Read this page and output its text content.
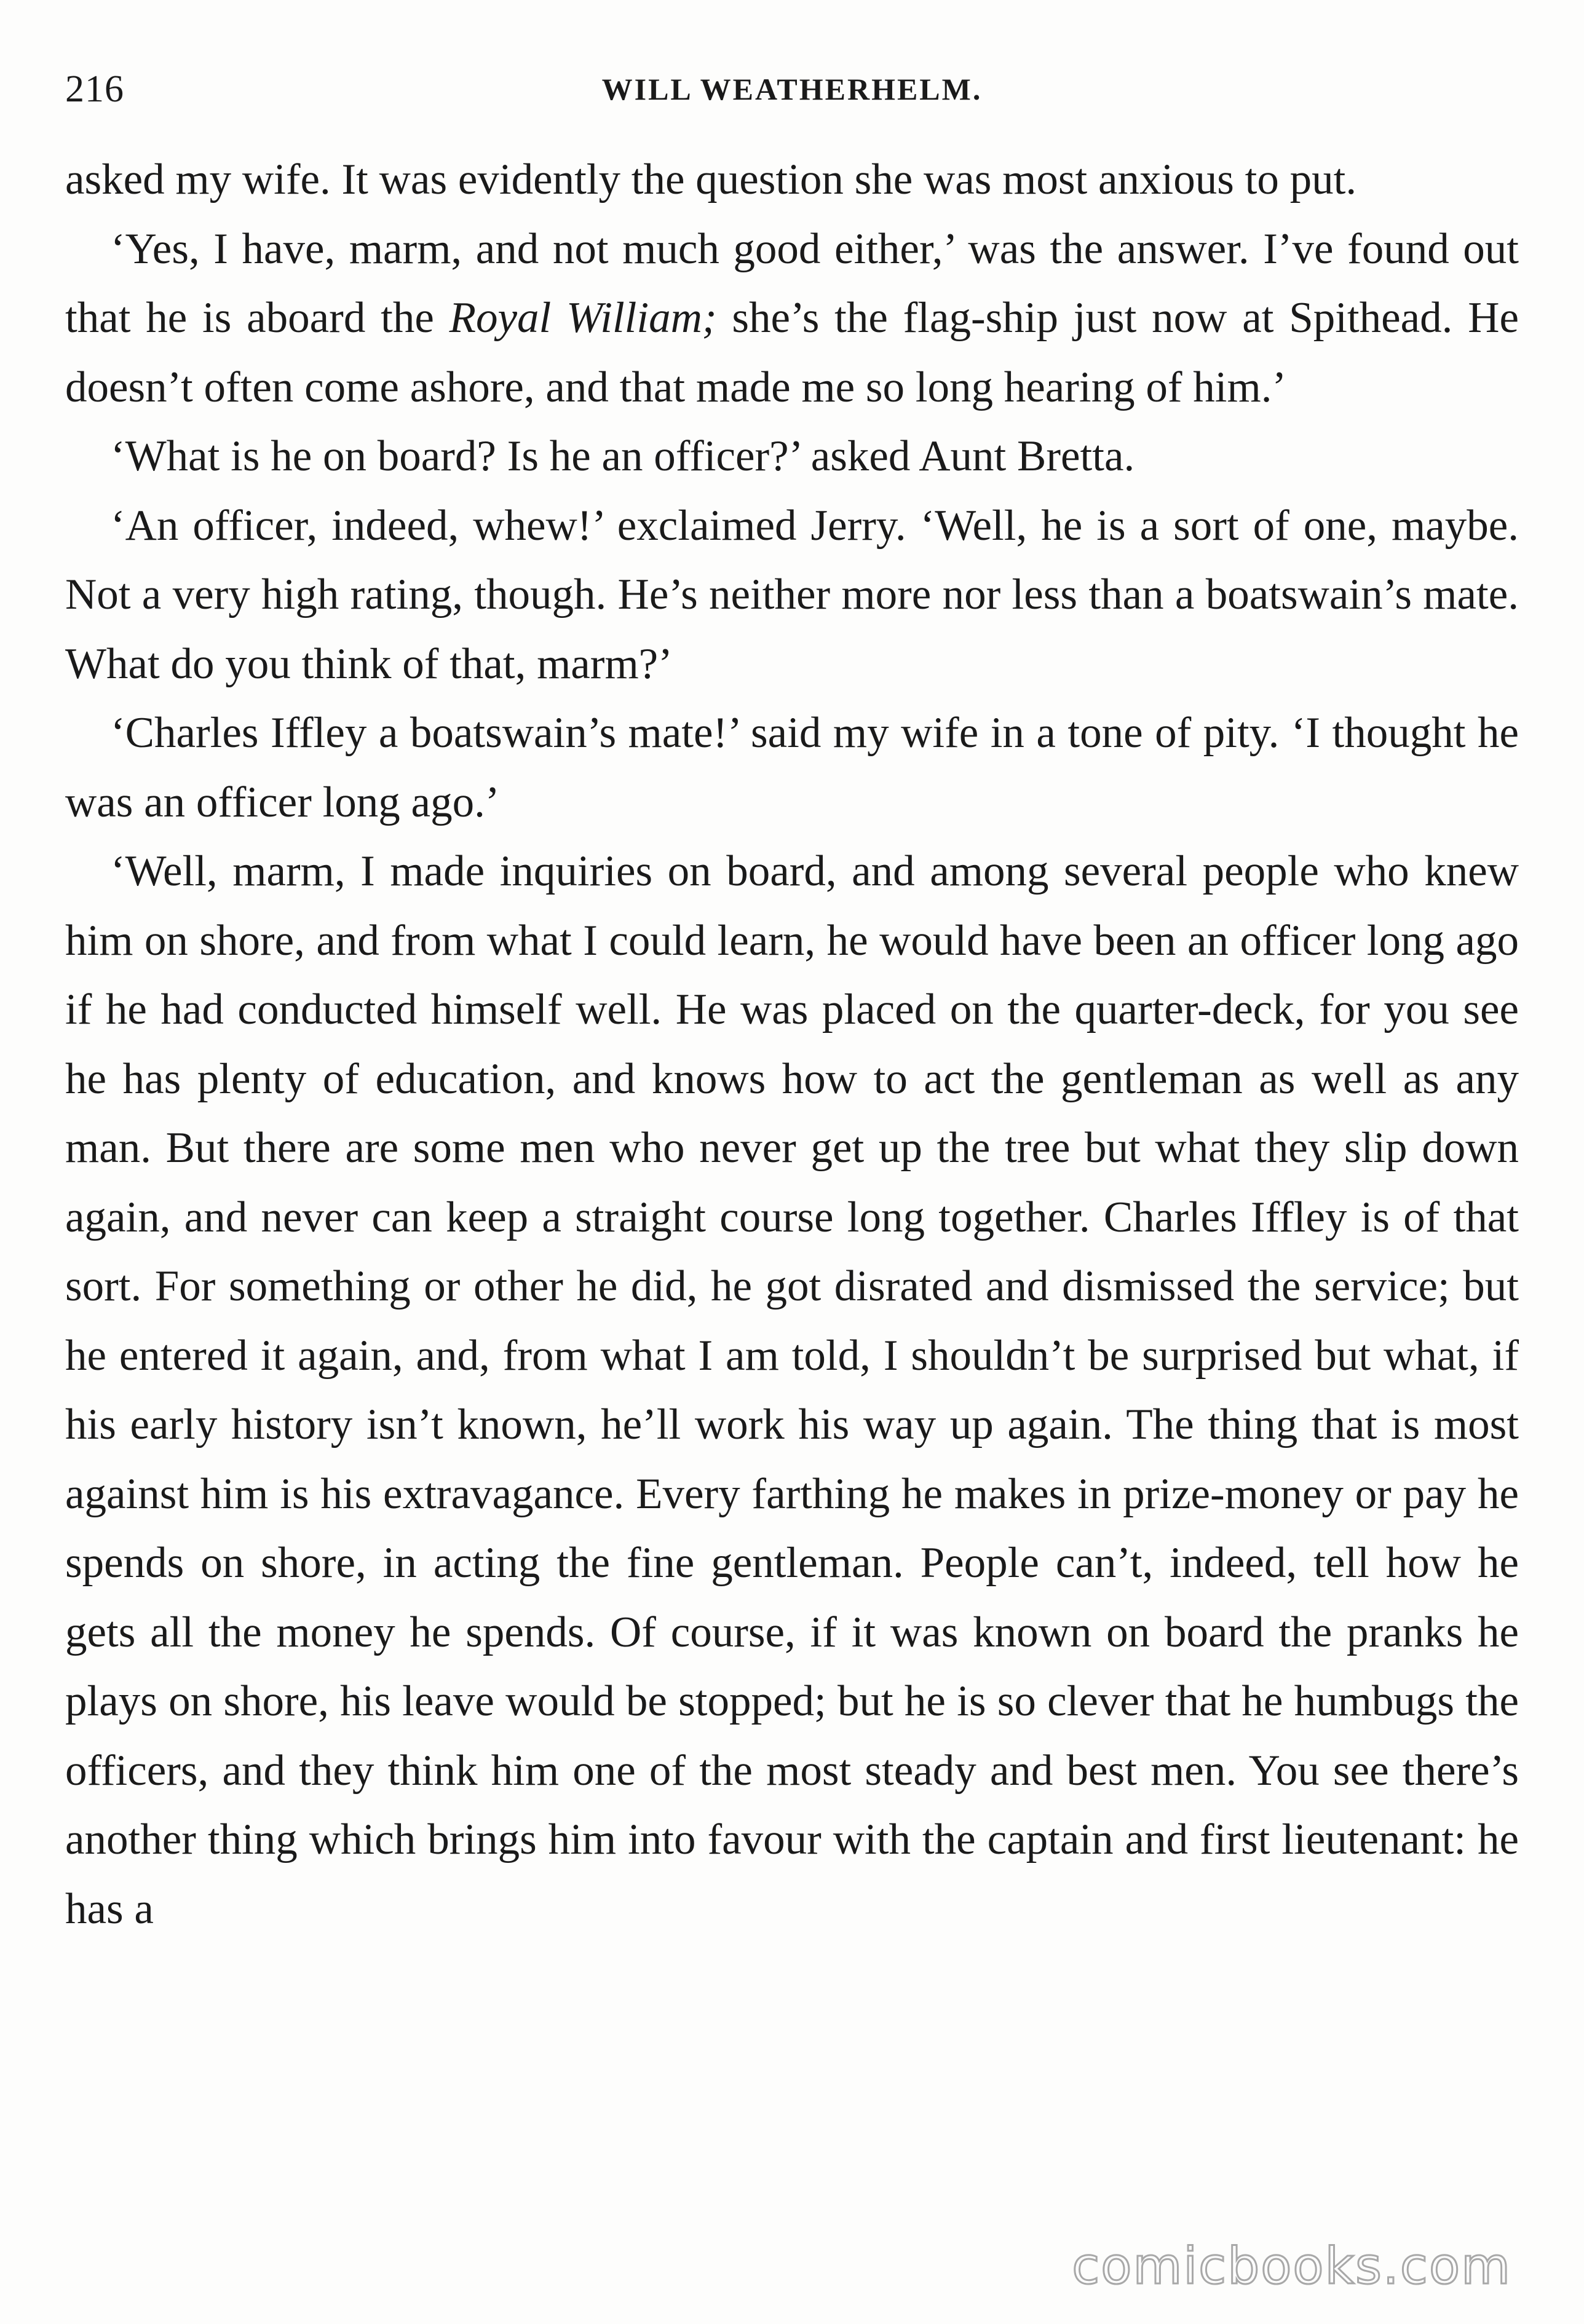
216	WILL WEATHERHELM.

asked my wife. It was evidently the question she was most anxious to put.

‘Yes, I have, marm, and not much good either,’ was the answer. I’ve found out that he is aboard the Royal William; she’s the flag-ship just now at Spithead. He doesn’t often come ashore, and that made me so long hearing of him.’

‘What is he on board? Is he an officer?’ asked Aunt Bretta.

‘An officer, indeed, whew!’ exclaimed Jerry. ‘Well, he is a sort of one, maybe. Not a very high rating, though. He’s neither more nor less than a boatswain’s mate. What do you think of that, marm?’

‘Charles Iffley a boatswain’s mate!’ said my wife in a tone of pity. ‘I thought he was an officer long ago.’

‘Well, marm, I made inquiries on board, and among several people who knew him on shore, and from what I could learn, he would have been an officer long ago if he had conducted himself well. He was placed on the quarter-deck, for you see he has plenty of education, and knows how to act the gentleman as well as any man. But there are some men who never get up the tree but what they slip down again, and never can keep a straight course long together. Charles Iffley is of that sort. For something or other he did, he got disrated and dismissed the service; but he entered it again, and, from what I am told, I shouldn’t be surprised but what, if his early history isn’t known, he’ll work his way up again. The thing that is most against him is his extravagance. Every farthing he makes in prize-money or pay he spends on shore, in acting the fine gentleman. People can’t, indeed, tell how he gets all the money he spends. Of course, if it was known on board the pranks he plays on shore, his leave would be stopped; but he is so clever that he humbugs the officers, and they think him one of the most steady and best men. You see there’s another thing which brings him into favour with the captain and first lieutenant: he has a

comicbooks.com
